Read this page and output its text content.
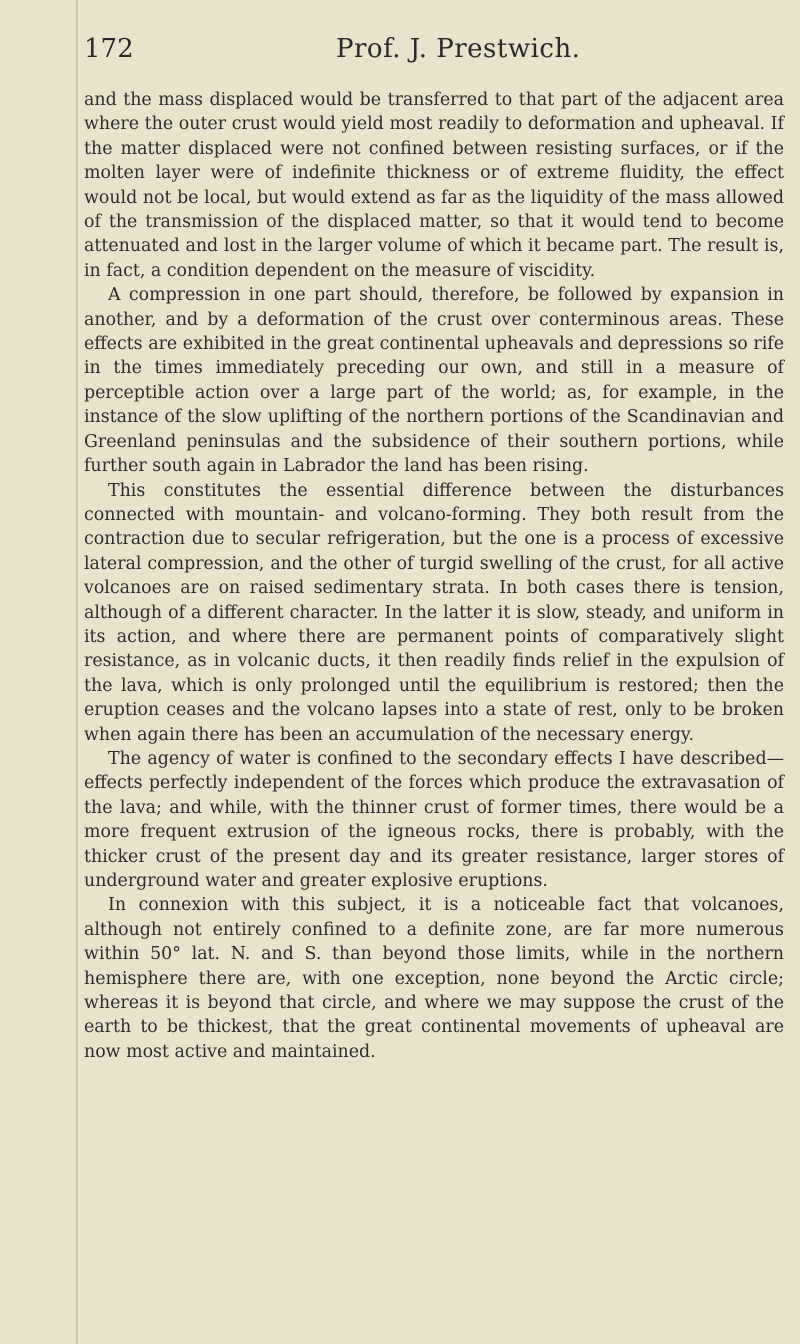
172	Prof. J. Prestwich.

and the mass displaced would be transferred to that part of the adjacent area where the outer crust would yield most readily to deformation and upheaval. If the matter displaced were not confined between resisting surfaces, or if the molten layer were of indefinite thickness or of extreme fluidity, the effect would not be local, but would extend as far as the liquidity of the mass allowed of the transmission of the displaced matter, so that it would tend to become attenuated and lost in the larger volume of which it became part. The result is, in fact, a condition dependent on the measure of viscidity.

A compression in one part should, therefore, be followed by expansion in another, and by a deformation of the crust over conterminous areas. These effects are exhibited in the great continental upheavals and depressions so rife in the times immediately preceding our own, and still in a measure of perceptible action over a large part of the world; as, for example, in the instance of the slow uplifting of the northern portions of the Scandinavian and Greenland peninsulas and the subsidence of their southern portions, while further south again in Labrador the land has been rising.

This constitutes the essential difference between the disturbances connected with mountain- and volcano-forming. They both result from the contraction due to secular refrigeration, but the one is a process of excessive lateral compression, and the other of turgid swelling of the crust, for all active volcanoes are on raised sedimentary strata. In both cases there is tension, although of a different character. In the latter it is slow, steady, and uniform in its action, and where there are permanent points of comparatively slight resistance, as in volcanic ducts, it then readily finds relief in the expulsion of the lava, which is only prolonged until the equilibrium is restored; then the eruption ceases and the volcano lapses into a state of rest, only to be broken when again there has been an accumulation of the necessary energy.

The agency of water is confined to the secondary effects I have described—effects perfectly independent of the forces which produce the extravasation of the lava; and while, with the thinner crust of former times, there would be a more frequent extrusion of the igneous rocks, there is probably, with the thicker crust of the present day and its greater resistance, larger stores of underground water and greater explosive eruptions.

In connexion with this subject, it is a noticeable fact that volcanoes, although not entirely confined to a definite zone, are far more numerous within 50° lat. N. and S. than beyond those limits, while in the northern hemisphere there are, with one exception, none beyond the Arctic circle; whereas it is beyond that circle, and where we may suppose the crust of the earth to be thickest, that the great continental movements of upheaval are now most active and maintained.
